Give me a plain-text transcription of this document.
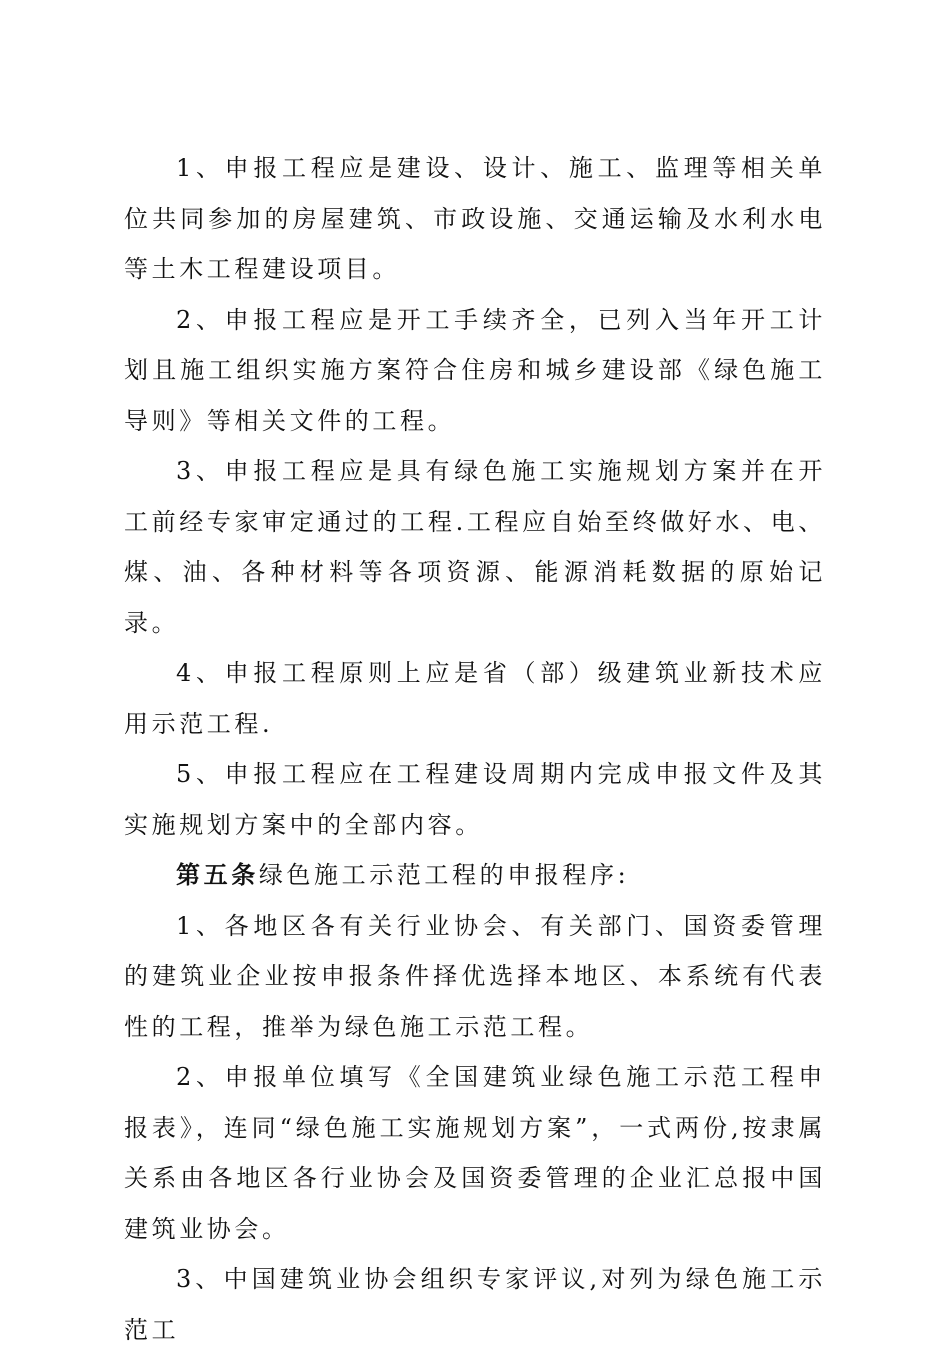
1、申报工程应是建设、设计、施工、监理等相关单位共同参加的房屋建筑、市政设施、交通运输及水利水电等土木工程建设项目。

2、申报工程应是开工手续齐全，已列入当年开工计划且施工组织实施方案符合住房和城乡建设部《绿色施工导则》等相关文件的工程。

3、申报工程应是具有绿色施工实施规划方案并在开工前经专家审定通过的工程.工程应自始至终做好水、电、煤、油、各种材料等各项资源、能源消耗数据的原始记录。

4、申报工程原则上应是省（部）级建筑业新技术应用示范工程.

5、申报工程应在工程建设周期内完成申报文件及其实施规划方案中的全部内容。

第五条绿色施工示范工程的申报程序:

1、各地区各有关行业协会、有关部门、国资委管理的建筑业企业按申报条件择优选择本地区、本系统有代表性的工程，推举为绿色施工示范工程。

2、申报单位填写《全国建筑业绿色施工示范工程申报表》，连同“绿色施工实施规划方案”，一式两份,按隶属关系由各地区各行业协会及国资委管理的企业汇总报中国建筑业协会。

3、中国建筑业协会组织专家评议,对列为绿色施工示范工
